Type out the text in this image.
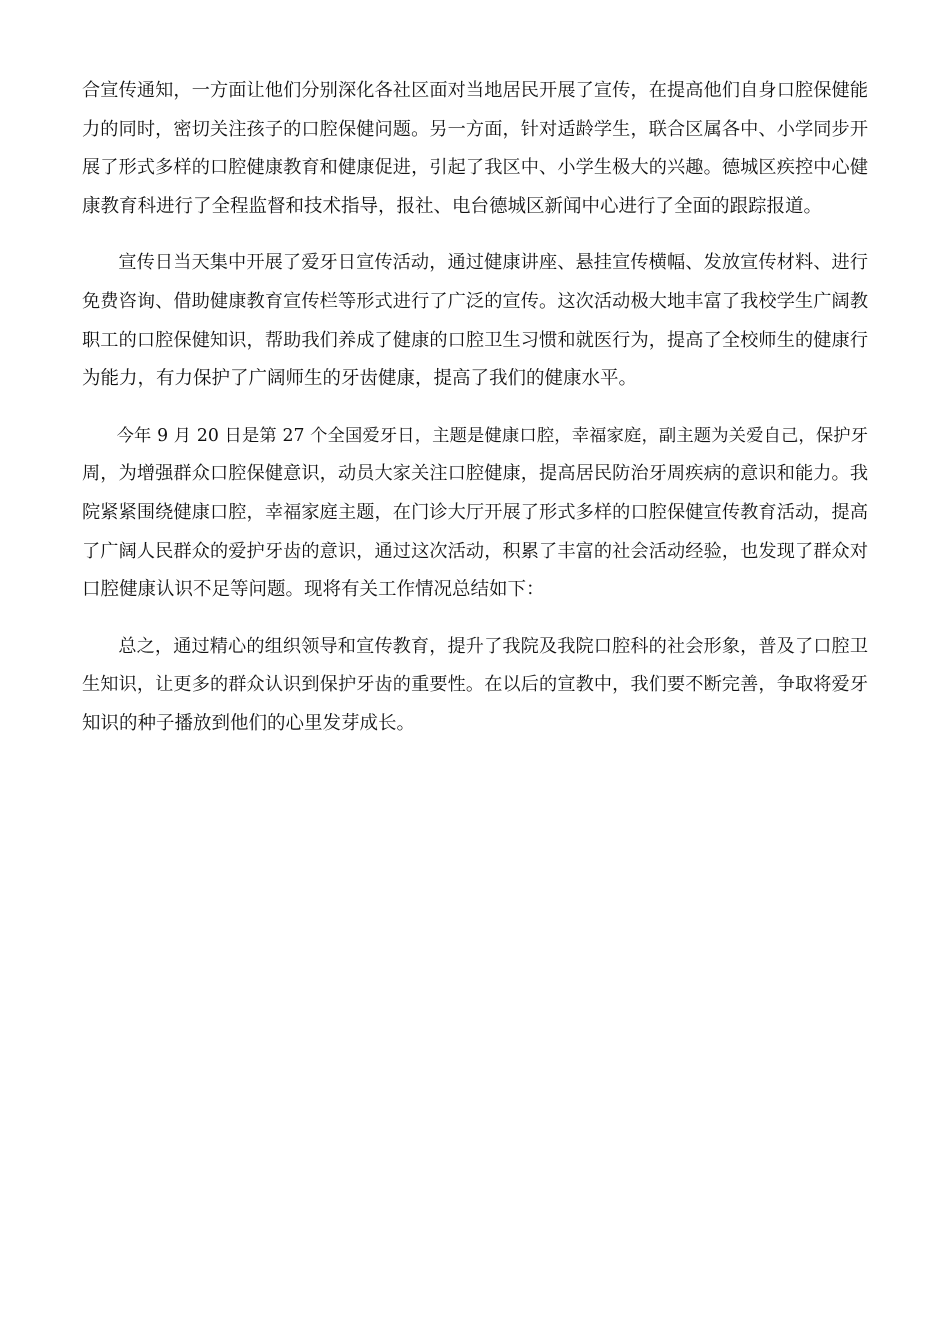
合宣传通知，一方面让他们分别深化各社区面对当地居民开展了宣传，在提高他们自身口腔保健能
力的同时，密切关注孩子的口腔保健问题。另一方面，针对适龄学生，联合区属各中、小学同步开
展了形式多样的口腔健康教育和健康促进，引起了我区中、小学生极大的兴趣。德城区疾控中心健
康教育科进行了全程监督和技术指导，报社、电台德城区新闻中心进行了全面的跟踪报道。

宣传日当天集中开展了爱牙日宣传活动，通过健康讲座、悬挂宣传横幅、发放宣传材料、进行
免费咨询、借助健康教育宣传栏等形式进行了广泛的宣传。这次活动极大地丰富了我校学生广阔教
职工的口腔保健知识，帮助我们养成了健康的口腔卫生习惯和就医行为，提高了全校师生的健康行
为能力，有力保护了广阔师生的牙齿健康，提高了我们的健康水平。

今年 9 月 20 日是第 27 个全国爱牙日，主题是健康口腔，幸福家庭，副主题为关爱自己，保护牙
周，为增强群众口腔保健意识，动员大家关注口腔健康，提高居民防治牙周疾病的意识和能力。我
院紧紧围绕健康口腔，幸福家庭主题，在门诊大厅开展了形式多样的口腔保健宣传教育活动，提高
了广阔人民群众的爱护牙齿的意识，通过这次活动，积累了丰富的社会活动经验，也发现了群众对
口腔健康认识不足等问题。现将有关工作情况总结如下：

总之，通过精心的组织领导和宣传教育，提升了我院及我院口腔科的社会形象，普及了口腔卫
生知识，让更多的群众认识到保护牙齿的重要性。在以后的宣教中，我们要不断完善，争取将爱牙
知识的种子播放到他们的心里发芽成长。
